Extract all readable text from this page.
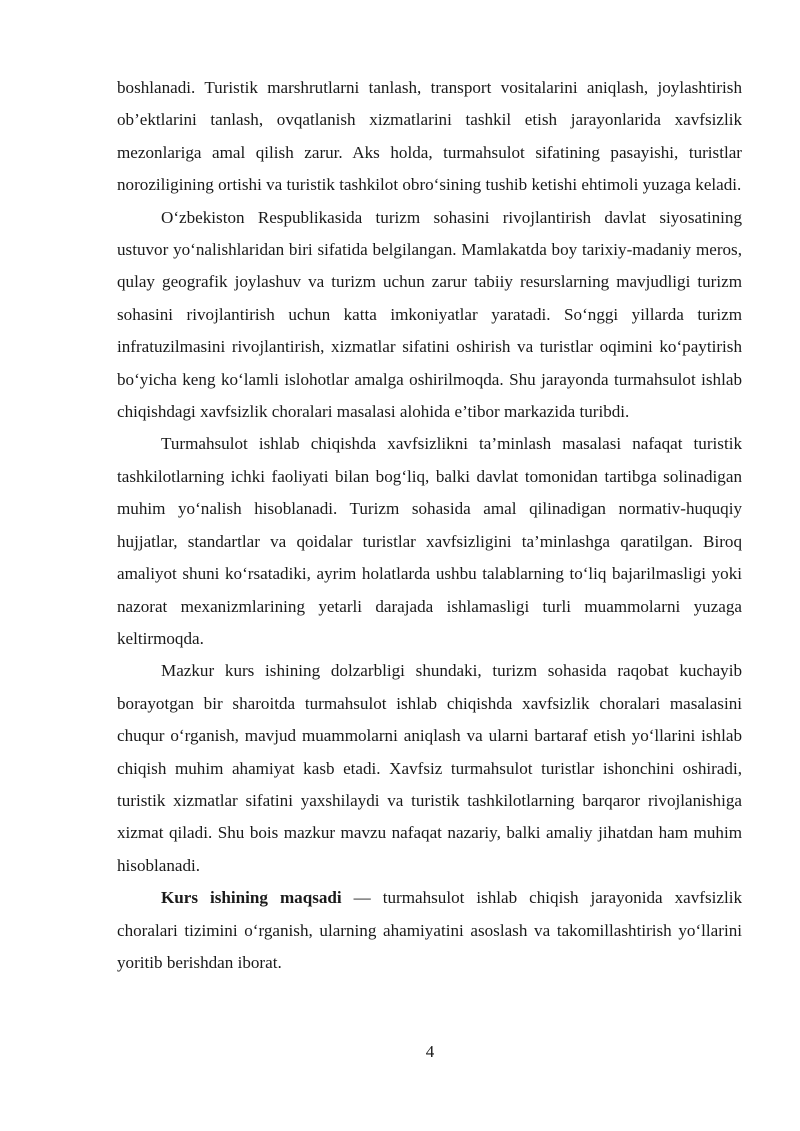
boshlanadi. Turistik marshrutlarni tanlash, transport vositalarini aniqlash, joylashtirish ob’ektlarini tanlash, ovqatlanish xizmatlarini tashkil etish jarayonlarida xavfsizlik mezonlariga amal qilish zarur. Aks holda, turmahsulot sifatining pasayishi, turistlar noroziligining ortishi va turistik tashkilot obro‘sining tushib ketishi ehtimoli yuzaga keladi.

O‘zbekiston Respublikasida turizm sohasini rivojlantirish davlat siyosatining ustuvor yo‘nalishlaridan biri sifatida belgilangan. Mamlakatda boy tarixiy-madaniy meros, qulay geografik joylashuv va turizm uchun zarur tabiiy resurslarning mavjudligi turizm sohasini rivojlantirish uchun katta imkoniyatlar yaratadi. So‘nggi yillarda turizm infratuzilmasini rivojlantirish, xizmatlar sifatini oshirish va turistlar oqimini ko‘paytirish bo‘yicha keng ko‘lamli islohotlar amalga oshirilmoqda. Shu jarayonda turmahsulot ishlab chiqishdagi xavfsizlik choralari masalasi alohida e’tibor markazida turibdi.

Turmahsulot ishlab chiqishda xavfsizlikni ta’minlash masalasi nafaqat turistik tashkilotlarning ichki faoliyati bilan bog‘liq, balki davlat tomonidan tartibga solinadigan muhim yo‘nalish hisoblanadi. Turizm sohasida amal qilinadigan normativ-huquqiy hujjatlar, standartlar va qoidalar turistlar xavfsizligini ta’minlashga qaratilgan. Biroq amaliyot shuni ko‘rsatadiki, ayrim holatlarda ushbu talablarning to‘liq bajarilmasligi yoki nazorat mexanizmlarining yetarli darajada ishlamasligi turli muammolarni yuzaga keltirmoqda.

Mazkur kurs ishining dolzarbligi shundaki, turizm sohasida raqobat kuchayib borayotgan bir sharoitda turmahsulot ishlab chiqishda xavfsizlik choralari masalasini chuqur o‘rganish, mavjud muammolarni aniqlash va ularni bartaraf etish yo‘llarini ishlab chiqish muhim ahamiyat kasb etadi. Xavfsiz turmahsulot turistlar ishonchini oshiradi, turistik xizmatlar sifatini yaxshilaydi va turistik tashkilotlarning barqaror rivojlanishiga xizmat qiladi. Shu bois mazkur mavzu nafaqat nazariy, balki amaliy jihatdan ham muhim hisoblanadi.

Kurs ishining maqsadi — turmahsulot ishlab chiqish jarayonida xavfsizlik choralari tizimini o‘rganish, ularning ahamiyatini asoslash va takomillashtirish yo‘llarini yoritib berishdan iborat.

4
